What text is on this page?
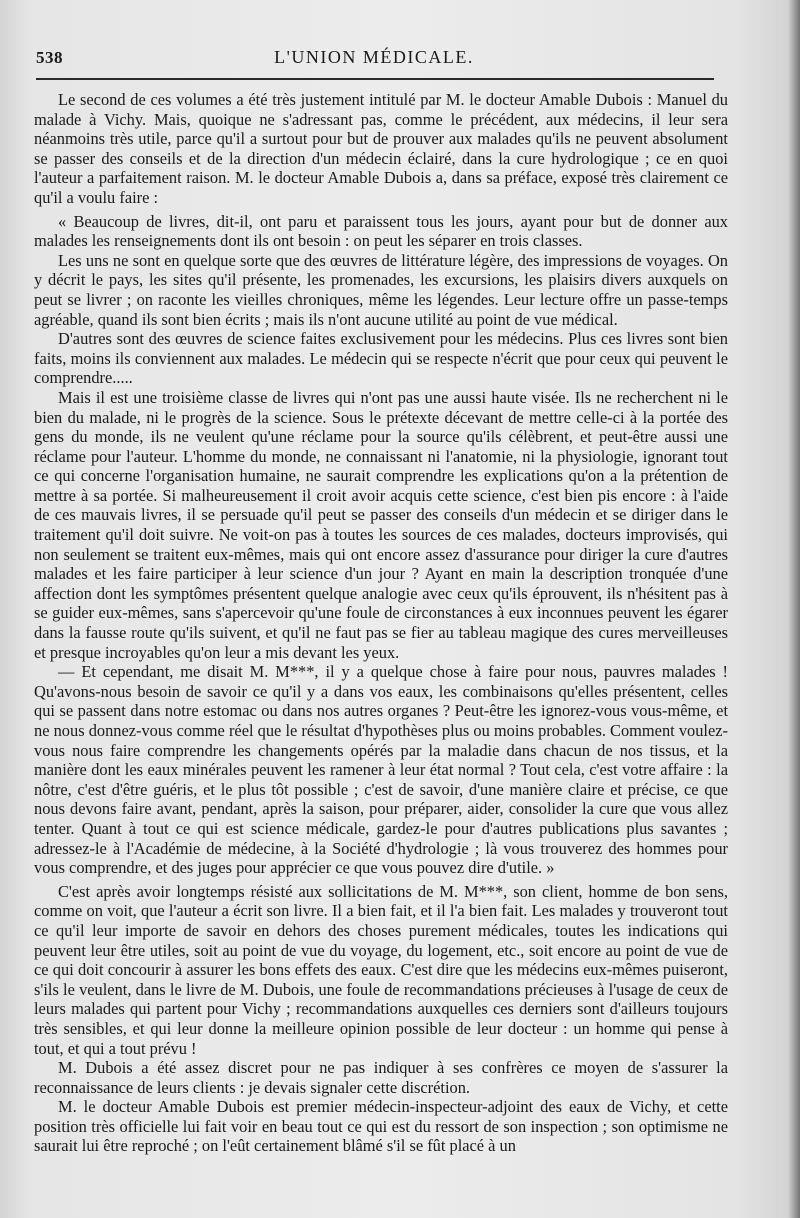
538	L'UNION MÉDICALE.

Le second de ces volumes a été très justement intitulé par M. le docteur Amable Dubois : Manuel du malade à Vichy. Mais, quoique ne s'adressant pas, comme le précédent, aux médecins, il leur sera néanmoins très utile, parce qu'il a surtout pour but de prouver aux malades qu'ils ne peuvent absolument se passer des conseils et de la direction d'un médecin éclairé, dans la cure hydrologique ; ce en quoi l'auteur a parfaitement raison. M. le docteur Amable Dubois a, dans sa préface, exposé très clairement ce qu'il a voulu faire :

« Beaucoup de livres, dit-il, ont paru et paraissent tous les jours, ayant pour but de donner aux malades les renseignements dont ils ont besoin : on peut les séparer en trois classes.

Les uns ne sont en quelque sorte que des œuvres de littérature légère, des impressions de voyages. On y décrit le pays, les sites qu'il présente, les promenades, les excursions, les plaisirs divers auxquels on peut se livrer ; on raconte les vieilles chroniques, même les légendes. Leur lecture offre un passe-temps agréable, quand ils sont bien écrits ; mais ils n'ont aucune utilité au point de vue médical.

D'autres sont des œuvres de science faites exclusivement pour les médecins. Plus ces livres sont bien faits, moins ils conviennent aux malades. Le médecin qui se respecte n'écrit que pour ceux qui peuvent le comprendre.....

Mais il est une troisième classe de livres qui n'ont pas une aussi haute visée. Ils ne recherchent ni le bien du malade, ni le progrès de la science. Sous le prétexte décevant de mettre celle-ci à la portée des gens du monde, ils ne veulent qu'une réclame pour la source qu'ils célèbrent, et peut-être aussi une réclame pour l'auteur. L'homme du monde, ne connaissant ni l'anatomie, ni la physiologie, ignorant tout ce qui concerne l'organisation humaine, ne saurait comprendre les explications qu'on a la prétention de mettre à sa portée. Si malheureusement il croit avoir acquis cette science, c'est bien pis encore : à l'aide de ces mauvais livres, il se persuade qu'il peut se passer des conseils d'un médecin et se diriger dans le traitement qu'il doit suivre. Ne voit-on pas à toutes les sources de ces malades, docteurs improvisés, qui non seulement se traitent eux-mêmes, mais qui ont encore assez d'assurance pour diriger la cure d'autres malades et les faire participer à leur science d'un jour ? Ayant en main la description tronquée d'une affection dont les symptômes présentent quelque analogie avec ceux qu'ils éprouvent, ils n'hésitent pas à se guider eux-mêmes, sans s'apercevoir qu'une foule de circonstances à eux inconnues peuvent les égarer dans la fausse route qu'ils suivent, et qu'il ne faut pas se fier au tableau magique des cures merveilleuses et presque incroyables qu'on leur a mis devant les yeux.

— Et cependant, me disait M. M***, il y a quelque chose à faire pour nous, pauvres malades ! Qu'avons-nous besoin de savoir ce qu'il y a dans vos eaux, les combinaisons qu'elles présentent, celles qui se passent dans notre estomac ou dans nos autres organes ? Peut-être les ignorez-vous vous-même, et ne nous donnez-vous comme réel que le résultat d'hypothèses plus ou moins probables. Comment voulez-vous nous faire comprendre les changements opérés par la maladie dans chacun de nos tissus, et la manière dont les eaux minérales peuvent les ramener à leur état normal ? Tout cela, c'est votre affaire : la nôtre, c'est d'être guéris, et le plus tôt possible ; c'est de savoir, d'une manière claire et précise, ce que nous devons faire avant, pendant, après la saison, pour préparer, aider, consolider la cure que vous allez tenter. Quant à tout ce qui est science médicale, gardez-le pour d'autres publications plus savantes ; adressez-le à l'Académie de médecine, à la Société d'hydrologie ; là vous trouverez des hommes pour vous comprendre, et des juges pour apprécier ce que vous pouvez dire d'utile. »

C'est après avoir longtemps résisté aux sollicitations de M. M***, son client, homme de bon sens, comme on voit, que l'auteur a écrit son livre. Il a bien fait, et il l'a bien fait. Les malades y trouveront tout ce qu'il leur importe de savoir en dehors des choses purement médicales, toutes les indications qui peuvent leur être utiles, soit au point de vue du voyage, du logement, etc., soit encore au point de vue de ce qui doit concourir à assurer les bons effets des eaux. C'est dire que les médecins eux-mêmes puiseront, s'ils le veulent, dans le livre de M. Dubois, une foule de recommandations précieuses à l'usage de ceux de leurs malades qui partent pour Vichy ; recommandations auxquelles ces derniers sont d'ailleurs toujours très sensibles, et qui leur donne la meilleure opinion possible de leur docteur : un homme qui pense à tout, et qui a tout prévu !

M. Dubois a été assez discret pour ne pas indiquer à ses confrères ce moyen de s'assurer la reconnaissance de leurs clients : je devais signaler cette discrétion.

M. le docteur Amable Dubois est premier médecin-inspecteur-adjoint des eaux de Vichy, et cette position très officielle lui fait voir en beau tout ce qui est du ressort de son inspection ; son optimisme ne saurait lui être reproché ; on l'eût certainement blâmé s'il se fût placé à un
